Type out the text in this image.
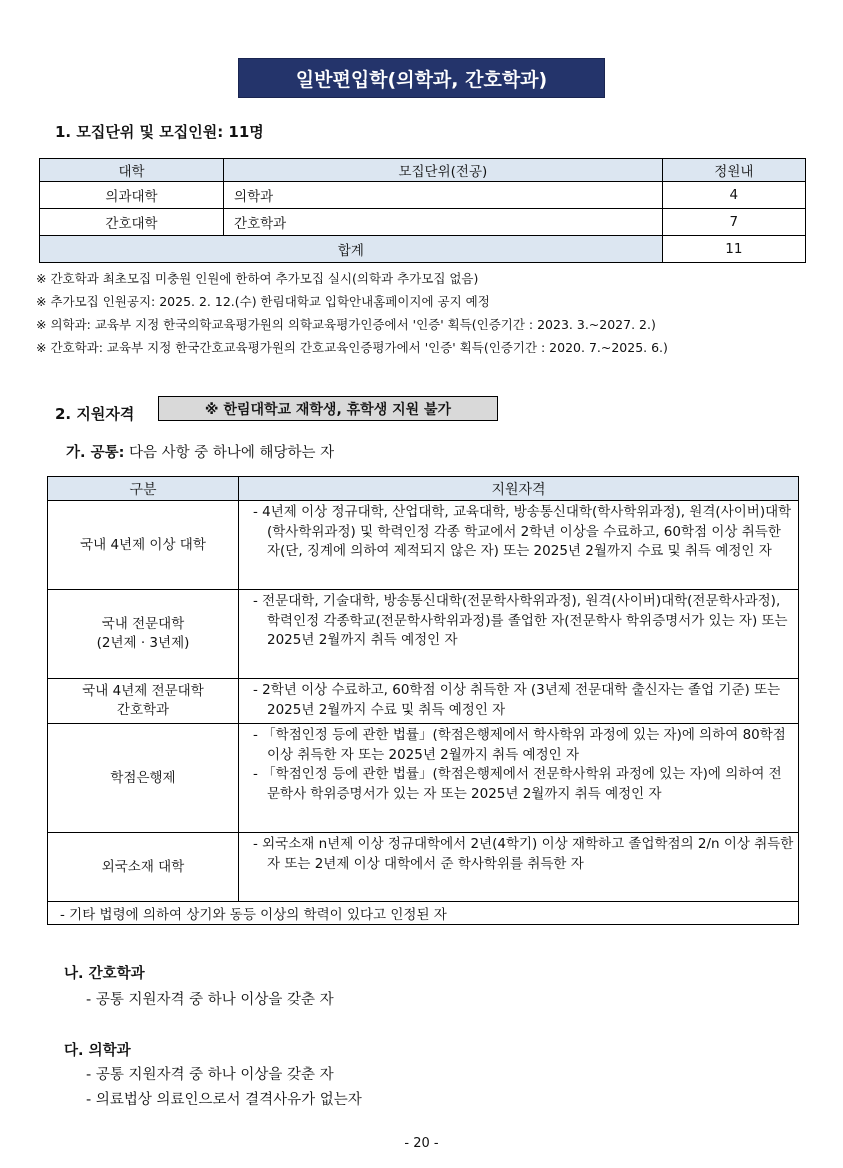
일반편입학(의학과, 간호학과)
1. 모집단위 및 모집인원: 11명
대학	모집단위(전공)	정원내
의과대학	의학과	4
간호대학	간호학과	7
합계		11
※ 간호학과 최초모집 미충원 인원에 한하여 추가모집 실시(의학과 추가모집 없음)
※ 추가모집 인원공지: 2025. 2. 12.(수) 한림대학교 입학안내홈페이지에 공지 예정
※ 의학과: 교육부 지정 한국의학교육평가원의 의학교육평가인증에서 '인증' 획득(인증기간 : 2023. 3.~2027. 2.)
※ 간호학과: 교육부 지정 한국간호교육평가원의 간호교육인증평가에서 '인증' 획득(인증기간 : 2020. 7.~2025. 6.)
2. 지원자격	※ 한림대학교 재학생, 휴학생 지원 불가
가. 공통: 다음 사항 중 하나에 해당하는 자
구분	지원자격

국내 4년제 이상 대학	- 4년제 이상 정규대학, 산업대학, 교육대학, 방송통신대학(학사학위과정), 원격(사이버)대학(학사학위과정) 및 학력인정 각종 학교에서 2학년 이상을 수료하고, 60학점 이상 취득한 자(단, 징계에 의하여 제적되지 않은 자) 또는 2025년 2월까지 수료 및 취득 예정인 자

국내 전문대학
(2년제 · 3년제)	- 전문대학, 기술대학, 방송통신대학(전문학사학위과정), 원격(사이버)대학(전문학사과정), 학력인정 각종학교(전문학사학위과정)를 졸업한 자(전문학사 학위증명서가 있는 자) 또는 2025년 2월까지 취득 예정인 자

국내 4년제 전문대학
간호학과	- 2학년 이상 수료하고, 60학점 이상 취득한 자 (3년제 전문대학 출신자는 졸업 기준) 또는 2025년 2월까지 수료 및 취득 예정인 자

학점은행제	- 「학점인정 등에 관한 법률」(학점은행제에서 학사학위 과정에 있는 자)에 의하여 80학점 이상 취득한 자 또는 2025년 2월까지 취득 예정인 자
- 「학점인정 등에 관한 법률」(학점은행제에서 전문학사학위 과정에 있는 자)에 의하여 전문학사 학위증명서가 있는 자 또는 2025년 2월까지 취득 예정인 자

외국소재 대학	- 외국소재 n년제 이상 정규대학에서 2년(4학기) 이상 재학하고 졸업학점의 2/n 이상 취득한 자 또는 2년제 이상 대학에서 준 학사학위를 취득한 자

- 기타 법령에 의하여 상기와 동등 이상의 학력이 있다고 인정된 자	
나. 간호학과
- 공통 지원자격 중 하나 이상을 갖춘 자
다. 의학과
- 공통 지원자격 중 하나 이상을 갖춘 자
- 의료법상 의료인으로서 결격사유가 없는자
- 20 -
